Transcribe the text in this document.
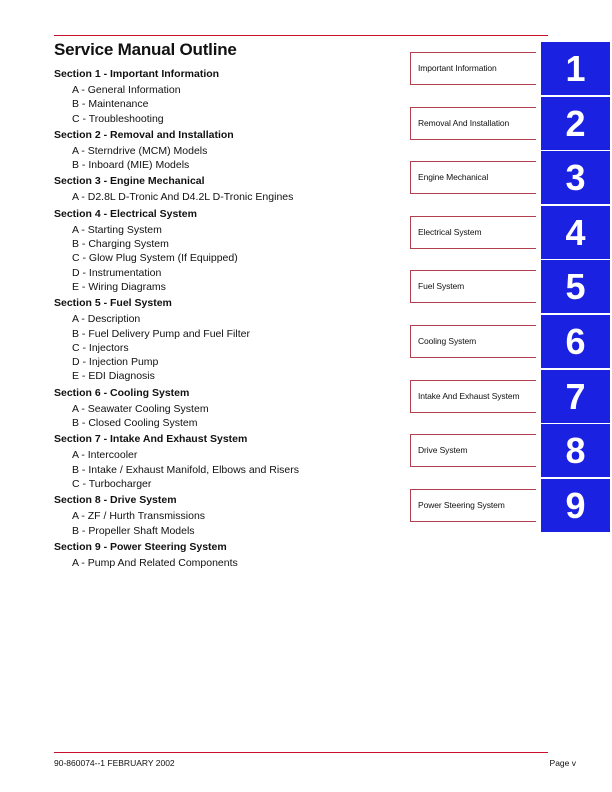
Service Manual Outline
Section 1 - Important Information
A - General Information
B - Maintenance
C - Troubleshooting
Section 2 - Removal and Installation
A - Sterndrive (MCM) Models
B - Inboard (MIE) Models
Section 3 - Engine Mechanical
A - D2.8L D-Tronic And D4.2L D-Tronic Engines
Section 4 - Electrical System
A - Starting System
B - Charging System
C - Glow Plug System (If Equipped)
D - Instrumentation
E - Wiring Diagrams
Section 5 - Fuel System
A - Description
B - Fuel Delivery Pump and Fuel Filter
C - Injectors
D - Injection Pump
E - EDI Diagnosis
Section 6 - Cooling System
A - Seawater Cooling System
B - Closed Cooling System
Section 7 - Intake And Exhaust System
A - Intercooler
B - Intake / Exhaust Manifold, Elbows and Risers
C - Turbocharger
Section 8 - Drive System
A - ZF / Hurth Transmissions
B - Propeller Shaft Models
Section 9 - Power Steering System
A - Pump And Related Components
Important Information	1
Removal And Installation	2
Engine Mechanical	3
Electrical System	4
Fuel System	5
Cooling System	6
Intake And Exhaust System	7
Drive System	8
Power Steering System	9
90-860074--1 FEBRUARY 2002	Page v
